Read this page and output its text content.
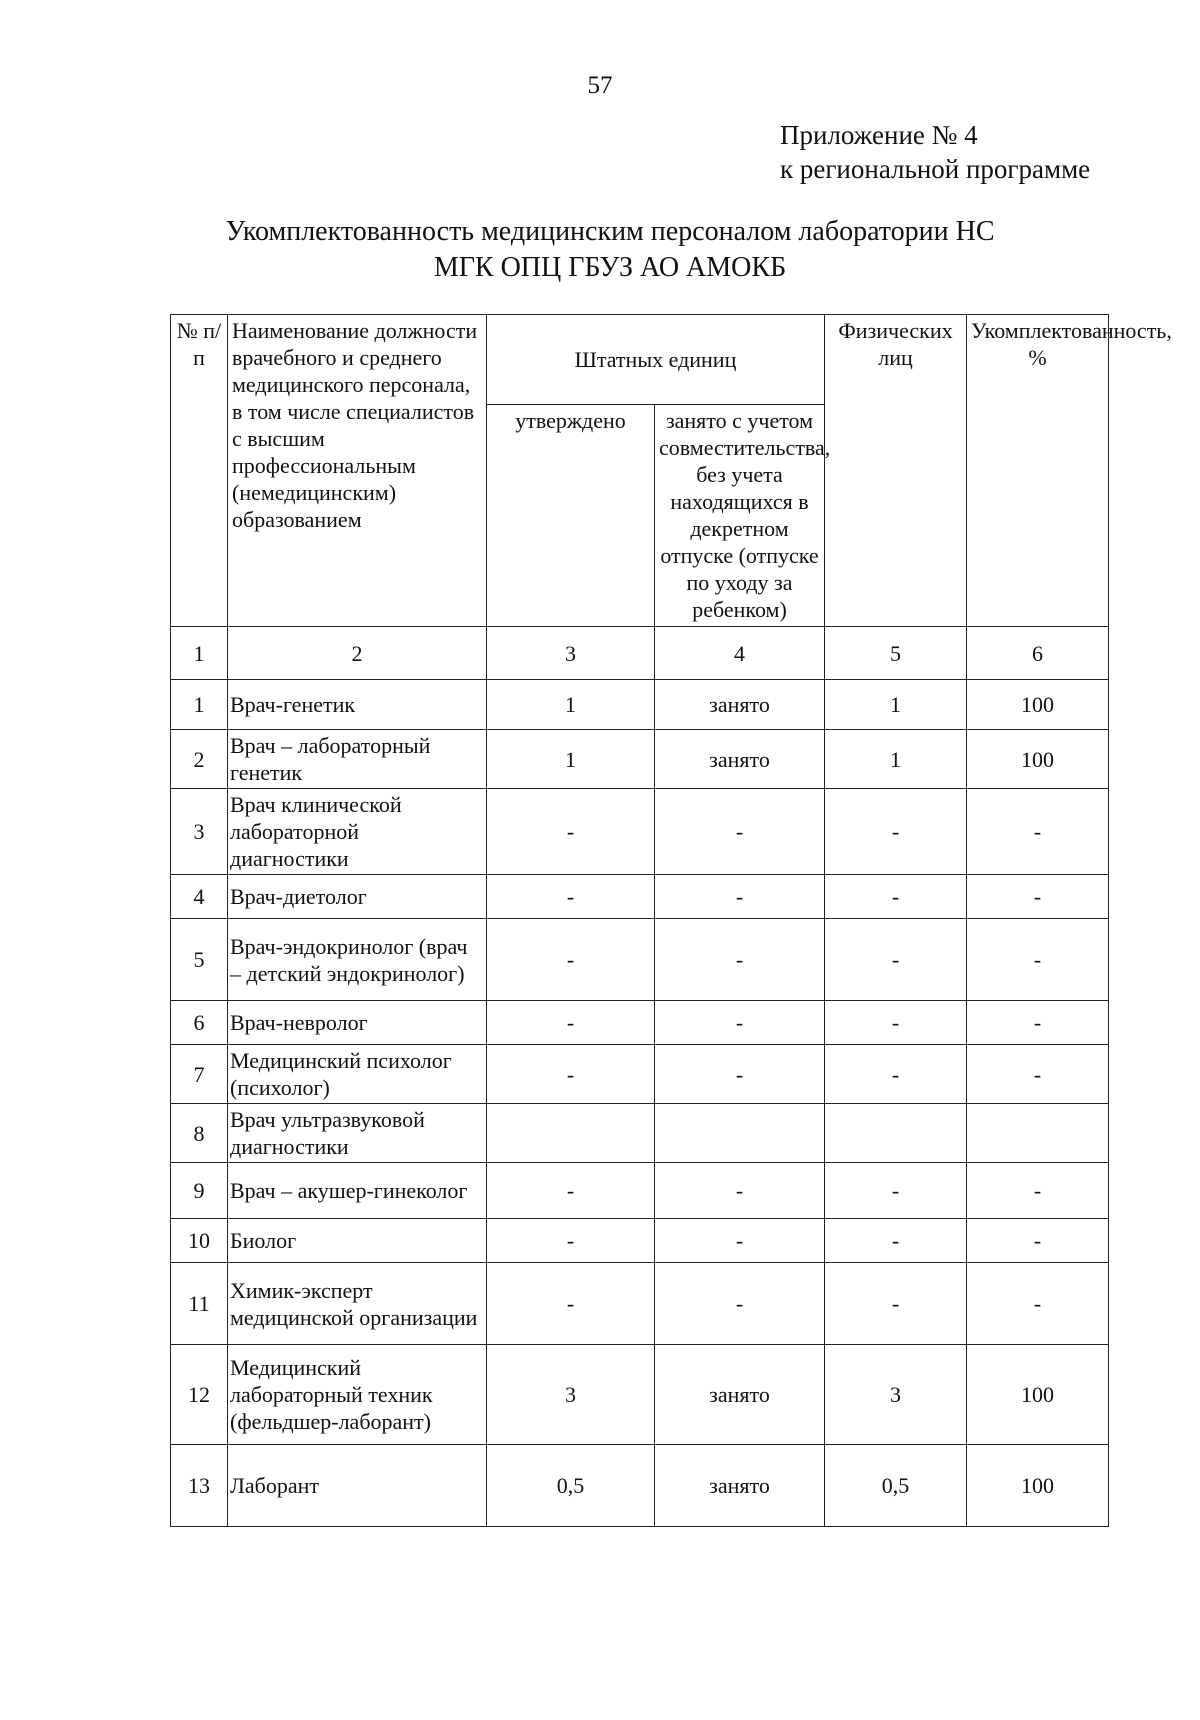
57
Приложение № 4
к региональной программе
Укомплектованность медицинским персоналом лаборатории НС
МГК ОПЦ ГБУЗ АО АМОКБ
№ п/п	Наименование должности врачебного и среднего медицинского персонала, в том числе специалистов с высшим профессиональным (немедицинским) образованием	Штатных единиц		Физических лиц	Укомплектованность, %
		утверждено	занято с учетом совместительства, без учета находящихся в декретном отпуске (отпуске по уходу за ребенком)		
1	2	3	4	5	6
1	Врач-генетик	1	занято	1	100
2	Врач – лабораторный генетик	1	занято	1	100
3	Врач клинической лабораторной диагностики	-	-	-	-
4	Врач-диетолог	-	-	-	-
5	Врач-эндокринолог (врач – детский эндокринолог)	-	-	-	-
6	Врач-невролог	-	-	-	-
7	Медицинский психолог (психолог)	-	-	-	-
8	Врач ультразвуковой диагностики				
9	Врач – акушер-гинеколог	-	-	-	-
10	Биолог	-	-	-	-
11	Химик-эксперт медицинской организации	-	-	-	-
12	Медицинский лабораторный техник (фельдшер-лаборант)	3	занято	3	100
13	Лаборант	0,5	занято	0,5	100
